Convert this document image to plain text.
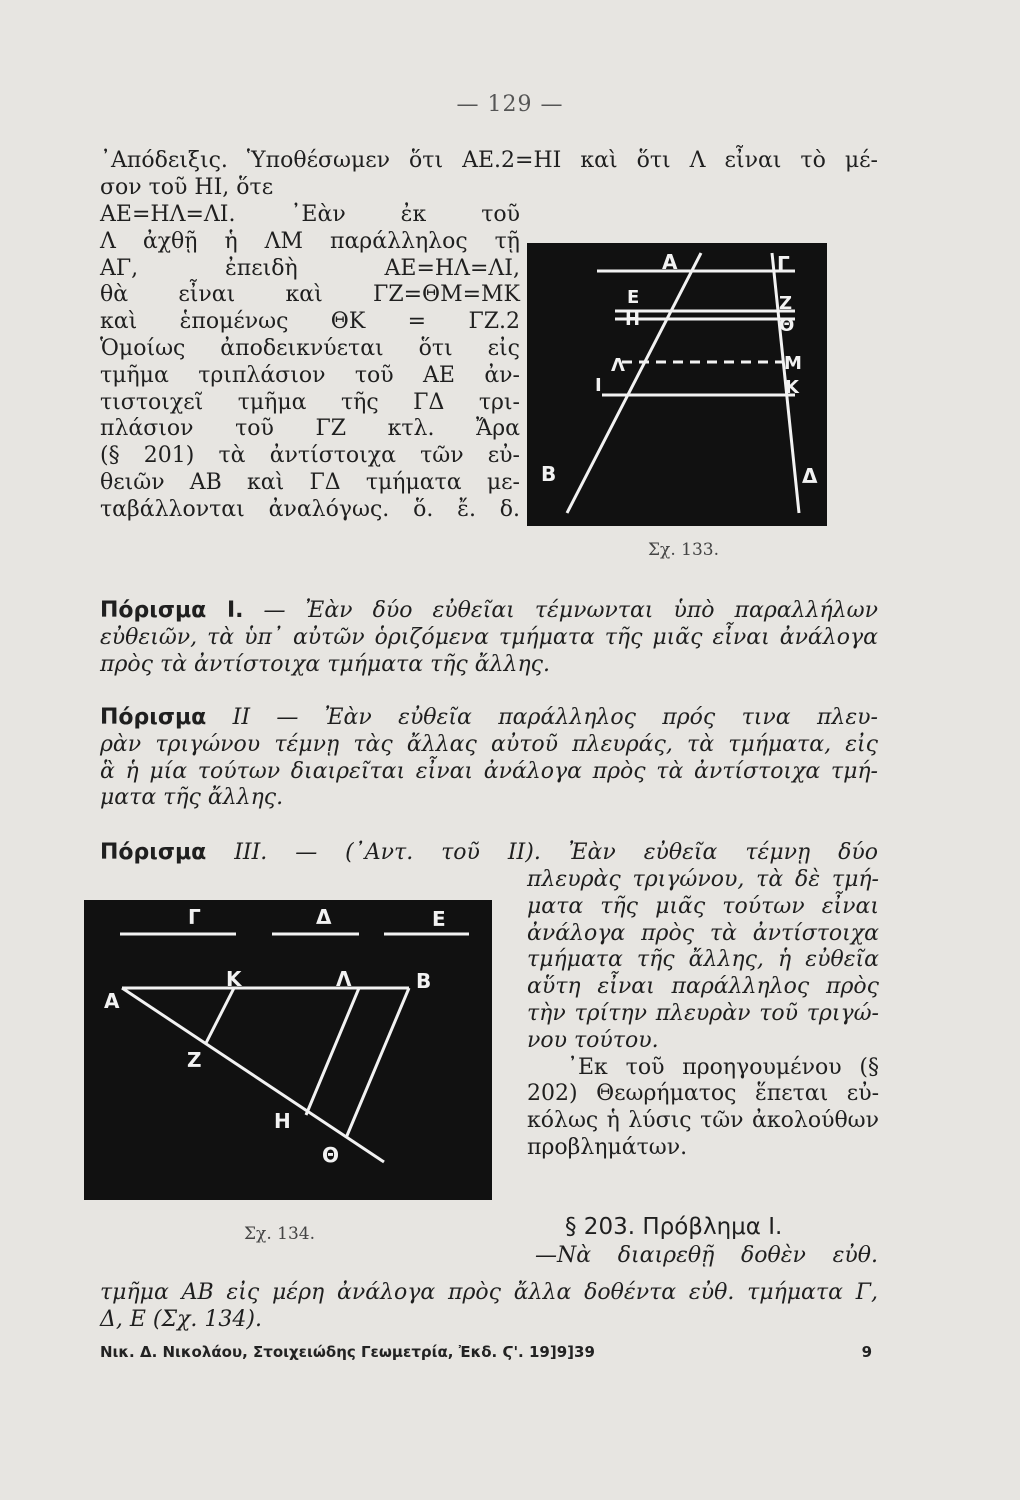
— 129 —
᾿Απόδειξις. Ὑποθέσωμεν ὅτι ΑΕ.2=ΗΙ καὶ ὅτι Λ εἶναι τὸ μέ-
σον τοῦ ΗΙ, ὅτε
ΑΕ=ΗΛ=ΛΙ. ᾿Εὰν ἐκ τοῦ
Λ ἀχθῇ ἡ ΛΜ παράλληλος τῇ
ΑΓ, ἐπειδὴ ΑΕ=ΗΛ=ΛΙ,
θὰ εἶναι καὶ ΓΖ=ΘΜ=ΜΚ
καὶ ἑπομένως ΘΚ = ΓΖ.2
Ὁμοίως ἀποδεικνύεται ὅτι εἰς
τμῆμα τριπλάσιον τοῦ ΑΕ ἀν-
τιστοιχεῖ τμῆμα τῆς ΓΔ τρι-
πλάσιον τοῦ ΓΖ κτλ. Ἄρα
(§ 201) τὰ ἀντίστοιχα τῶν εὐ-
θειῶν ΑΒ καὶ ΓΔ τμήματα με-
ταβάλλονται ἀναλόγως. ὅ. ἔ. δ.
Α	Γ
Ε	Ζ
Η	Θ
Λ	Μ
Ι	Κ
Β	Δ
Σχ. 133.
Πόρισμα Ι. — Ἐὰν δύο εὐθεῖαι τέμνωνται ὑπὸ παραλλήλων
εὐθειῶν, τὰ ὑπ᾿ αὐτῶν ὁριζόμενα τμήματα τῆς μιᾶς εἶναι ἀνάλογα
πρὸς τὰ ἀντίστοιχα τμήματα τῆς ἄλλης.
Πόρισμα ΙΙ — Ἐὰν εὐθεῖα παράλληλος πρός τινα πλευ-
ρὰν τριγώνου τέμνῃ τὰς ἄλλας αὐτοῦ πλευράς, τὰ τμήματα, εἰς
ἃ ἡ μία τούτων διαιρεῖται εἶναι ἀνάλογα πρὸς τὰ ἀντίστοιχα τμή-
ματα τῆς ἄλλης.
Πόρισμα ΙΙΙ. — (᾿Αντ. τοῦ ΙΙ). Ἐὰν εὐθεῖα τέμνῃ δύο
πλευρὰς τριγώνου, τὰ δὲ τμή-
ματα τῆς μιᾶς τούτων εἶναι
ἀνάλογα πρὸς τὰ ἀντίστοιχα
τμήματα τῆς ἄλλης, ἡ εὐθεῖα
αὕτη εἶναι παράλληλος πρὸς
τὴν τρίτην πλευρὰν τοῦ τριγώ-
νου τούτου.
᾿Εκ τοῦ προηγουμένου (§
202) Θεωρήματος ἕπεται εὐ-
κόλως ἡ λύσις τῶν ἀκολούθων
προβλημάτων.
Γ	Δ	Ε
Κ	Λ
Α
Β
Ζ
Η
Θ
Σχ. 134.	§ 203. Πρόβλημα Ι.
—Νὰ διαιρεθῇ δοθὲν εὐθ.
τμῆμα ΑΒ εἰς μέρη ἀνάλογα πρὸς ἄλλα δοθέντα εὐθ. τμήματα Γ,
Δ, Ε (Σχ. 134).
Νικ. Δ. Νικολάου, Στοιχειώδης Γεωμετρία, Ἐκδ. Ϛ'. 19]9]39	9
